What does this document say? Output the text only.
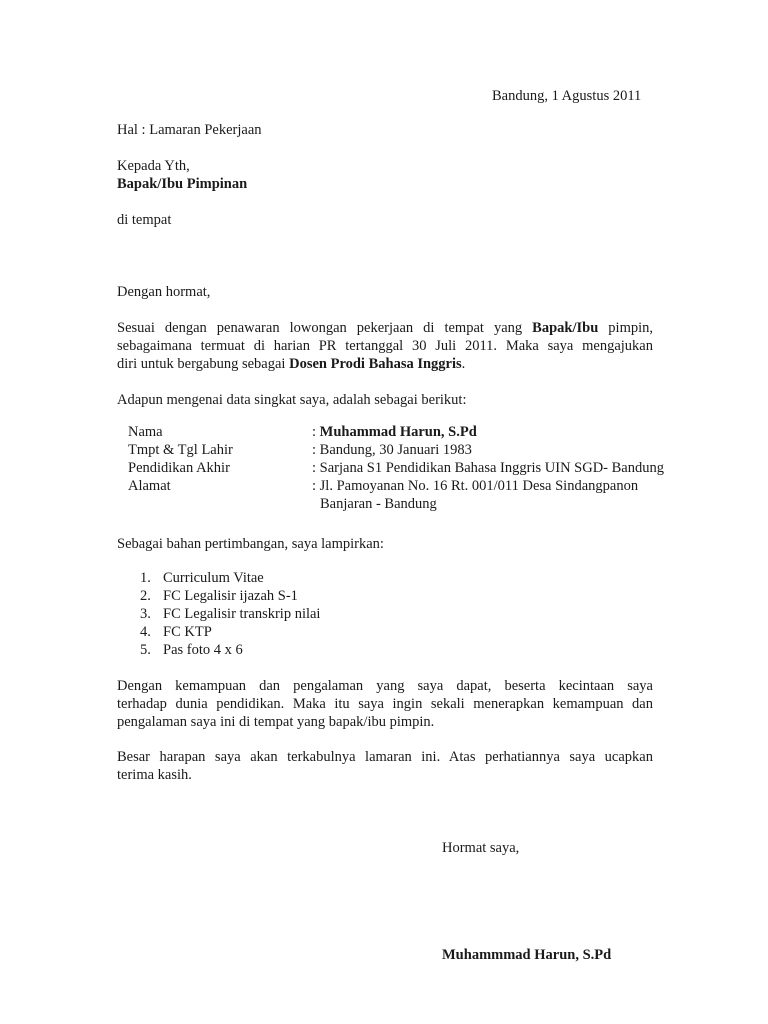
Bandung, 1 Agustus 2011
Hal : Lamaran Pekerjaan
Kepada Yth,
Bapak/Ibu Pimpinan
di tempat
Dengan hormat,
Sesuai dengan penawaran lowongan pekerjaan di tempat yang Bapak/Ibu pimpin,
sebagaimana termuat di harian PR tertanggal 30 Juli 2011. Maka saya mengajukan
diri untuk bergabung sebagai Dosen Prodi Bahasa Inggris.
Adapun mengenai data singkat saya, adalah sebagai berikut:
Nama	: Muhammad Harun, S.Pd
Tmpt & Tgl Lahir	: Bandung, 30 Januari 1983
Pendidikan Akhir	: Sarjana S1 Pendidikan Bahasa Inggris UIN SGD- Bandung
Alamat	: Jl. Pamoyanan No. 16 Rt. 001/011 Desa Sindangpanon
Banjaran - Bandung
Sebagai bahan pertimbangan, saya lampirkan:
1. Curriculum Vitae
2. FC Legalisir ijazah S-1
3. FC Legalisir transkrip nilai
4. FC KTP
5. Pas foto 4 x 6
Dengan kemampuan dan pengalaman yang saya dapat, beserta kecintaan saya
terhadap dunia pendidikan. Maka itu saya ingin sekali menerapkan kemampuan dan
pengalaman saya ini di tempat yang bapak/ibu pimpin.
Besar harapan saya akan terkabulnya lamaran ini. Atas perhatiannya saya ucapkan
terima kasih.
Hormat saya,
Muhammmad Harun, S.Pd
